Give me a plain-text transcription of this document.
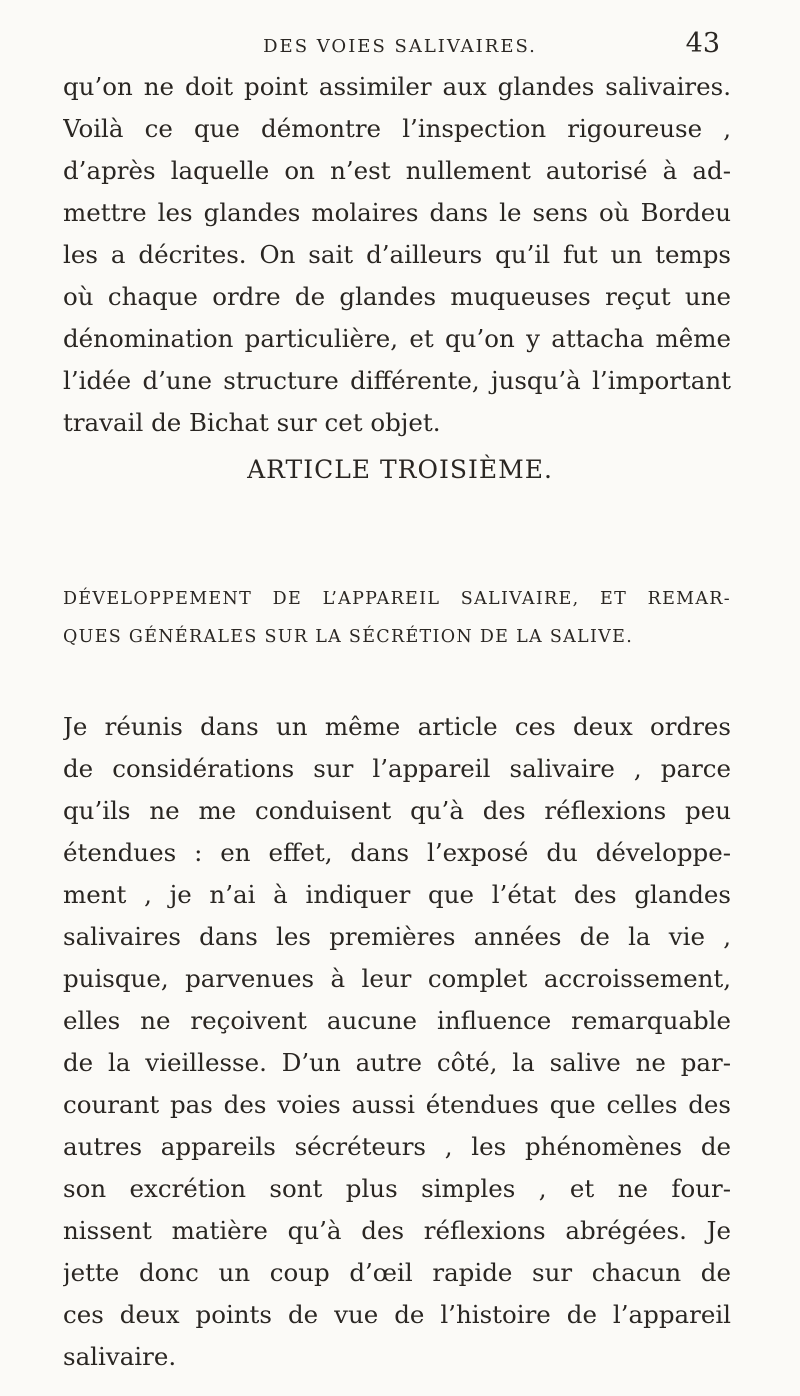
DES VOIES SALIVAIRES.	43
qu’on ne doit point assimiler aux glandes salivaires.
Voilà ce que démontre l’inspection rigoureuse ,
d’après laquelle on n’est nullement autorisé à ad-
mettre les glandes molaires dans le sens où Bordeu
les a décrites. On sait d’ailleurs qu’il fut un temps
où chaque ordre de glandes muqueuses reçut une
dénomination particulière, et qu’on y attacha même
l’idée d’une structure différente, jusqu’à l’important
travail de Bichat sur cet objet.
ARTICLE TROISIÈME.
DÉVELOPPEMENT DE L’APPAREIL SALIVAIRE, ET REMAR-
QUES GÉNÉRALES SUR LA SÉCRÉTION DE LA SALIVE.
Je réunis dans un même article ces deux ordres
de considérations sur l’appareil salivaire , parce
qu’ils ne me conduisent qu’à des réflexions peu
étendues : en effet, dans l’exposé du développe-
ment , je n’ai à indiquer que l’état des glandes
salivaires dans les premières années de la vie ,
puisque, parvenues à leur complet accroissement,
elles ne reçoivent aucune influence remarquable
de la vieillesse. D’un autre côté, la salive ne par-
courant pas des voies aussi étendues que celles des
autres appareils sécréteurs , les phénomènes de
son excrétion sont plus simples , et ne four-
nissent matière qu’à des réflexions abrégées. Je
jette donc un coup d’œil rapide sur chacun de
ces deux points de vue de l’histoire de l’appareil
salivaire.
